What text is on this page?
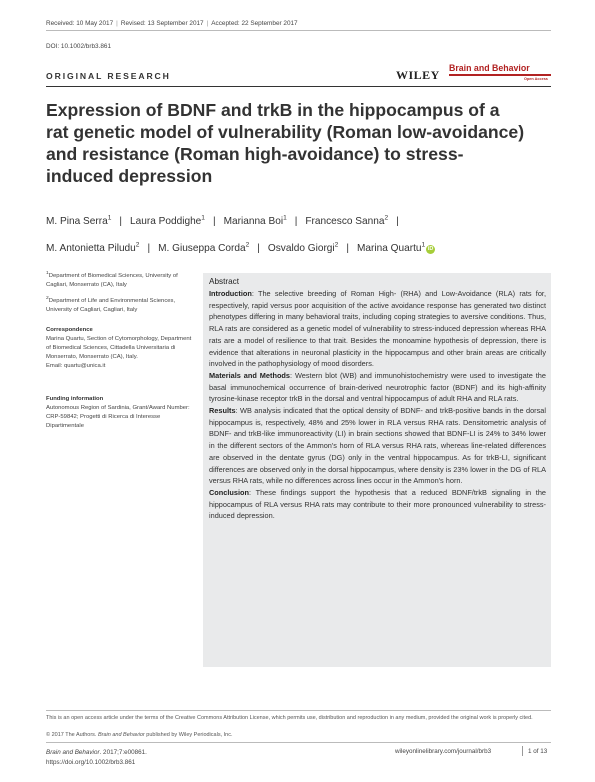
Received: 10 May 2017 | Revised: 13 September 2017 | Accepted: 22 September 2017
DOI: 10.1002/brb3.861
ORIGINAL RESEARCH	WILEY Brain and Behavior
Open Access
Expression of BDNF and trkB in the hippocampus of a rat genetic model of vulnerability (Roman low-avoidance) and resistance (Roman high-avoidance) to stress-induced depression
M. Pina Serra$^1$ | Laura Poddighe$^1$ | Marianna Boi$^1$ | Francesco Sanna$^2$ |
M. Antonietta Piludu$^2$ | M. Giuseppa Corda$^2$ | Osvaldo Giorgi$^2$ | Marina Quartu$^1$iD

$^1$Department of Biomedical Sciences, University of Cagliari, Monserrato (CA), Italy

$^2$Department of Life and Environmental Sciences, University of Cagliari, Cagliari, Italy

Correspondence

Marina Quartu, Section of Cytomorphology, Department of Biomedical Sciences, Cittadella Universitaria di Monserrato, Monserrato (CA), Italy.

Email: quartu@unica.it

Funding information

Autonomous Region of Sardinia, Grant/Award Number: CRP-59842; Progetti di Ricerca di Interesse Dipartimentale

Abstract

Introduction: The selective breeding of Roman High- (RHA) and Low-Avoidance (RLA) rats for, respectively, rapid versus poor acquisition of the active avoidance response has generated two distinct phenotypes differing in many behavioral traits, including coping strategies to aversive conditions. Thus, RLA rats are considered as a genetic model of vulnerability to stress-induced depression whereas RHA rats are a model of resilience to that trait. Besides the monoamine hypothesis of depression, there is evidence that alterations in neuronal plasticity in the hippocampus and other brain areas are critically involved in the pathophysiology of mood disorders.

Materials and Methods: Western blot (WB) and immunohistochemistry were used to investigate the basal immunochemical occurrence of brain-derived neurotrophic factor (BDNF) and its high-affinity tyrosine-kinase receptor trkB in the dorsal and ventral hippocampus of adult RHA and RLA rats.

Results: WB analysis indicated that the optical density of BDNF- and trkB-positive bands in the dorsal hippocampus is, respectively, 48% and 25% lower in RLA versus RHA rats. Densitometric analysis of BDNF- and trkB-like immunoreactivity (LI) in brain sections showed that BDNF-LI is 24% to 34% lower in the different sectors of the Ammon's horn of RLA versus RHA rats, whereas line-related differences are observed in the dentate gyrus (DG) only in the ventral hippocampus. As for trkB-LI, significant differences are observed only in the dorsal hippocampus, where density is 23% lower in the DG of RLA versus RHA rats, while no differences across lines occur in the Ammon's horn.

Conclusion: These findings support the hypothesis that a reduced BDNF/trkB signaling in the hippocampus of RLA versus RHA rats may contribute to their more pronounced vulnerability to stress-induced depression.

This is an open access article under the terms of the Creative Commons Attribution License, which permits use, distribution and reproduction in any medium, provided the original work is properly cited.
© 2017 The Authors. Brain and Behavior published by Wiley Periodicals, Inc.
Brain and Behavior. 2017;7:e00861.
https://doi.org/10.1002/brb3.861
wileyonlinelibrary.com/journal/brb3	1 of 13
